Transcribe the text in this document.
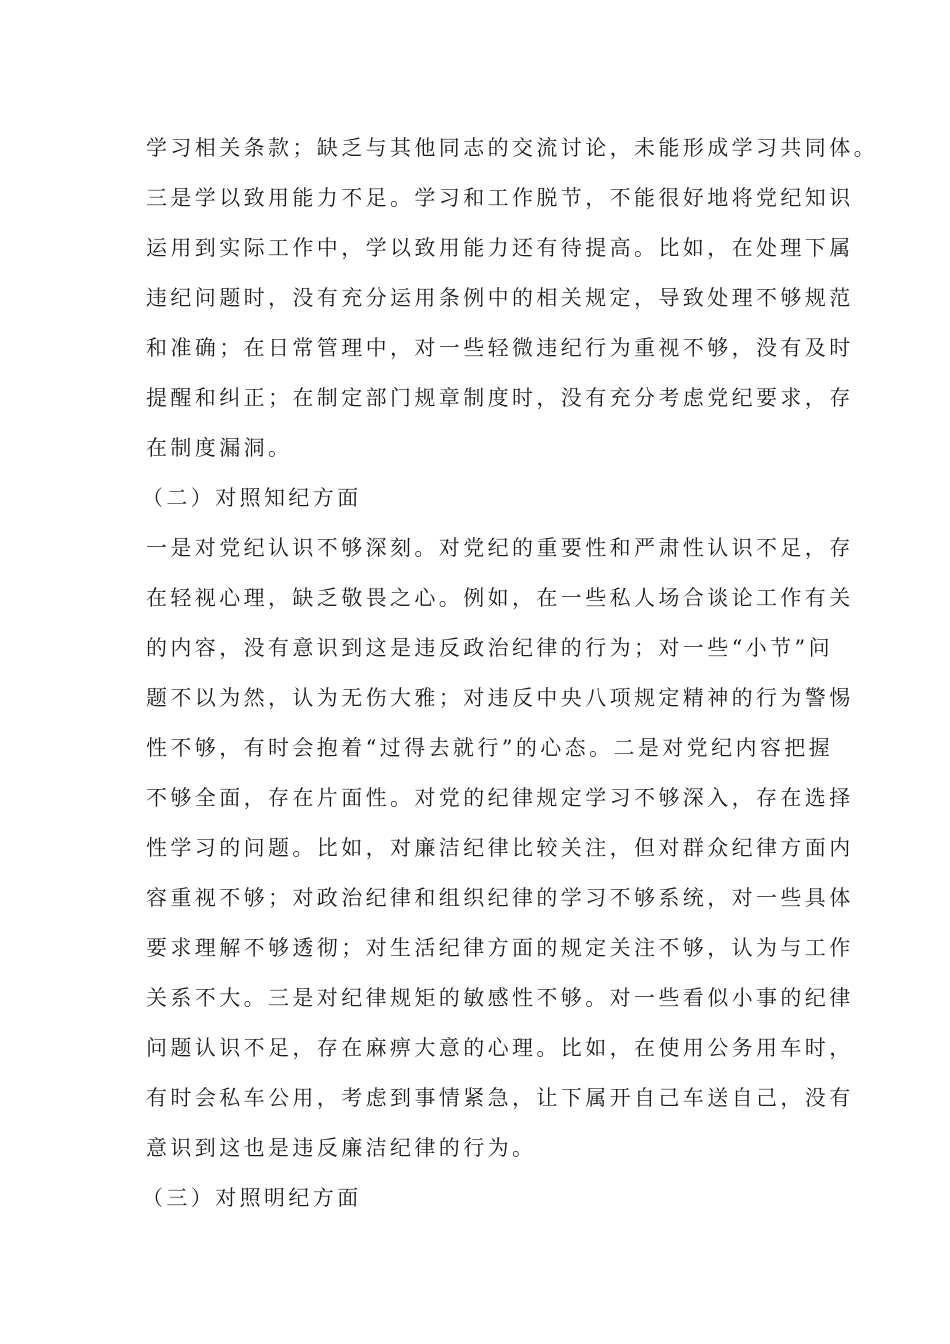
学习相关条款；缺乏与其他同志的交流讨论，未能形成学习共同体。
三是学以致用能力不足。学习和工作脱节，不能很好地将党纪知识
运用到实际工作中，学以致用能力还有待提高。比如，在处理下属
违纪问题时，没有充分运用条例中的相关规定，导致处理不够规范
和准确；在日常管理中，对一些轻微违纪行为重视不够，没有及时
提醒和纠正；在制定部门规章制度时，没有充分考虑党纪要求，存
在制度漏洞。
（二）对照知纪方面
一是对党纪认识不够深刻。对党纪的重要性和严肃性认识不足，存
在轻视心理，缺乏敬畏之心。例如，在一些私人场合谈论工作有关
的内容，没有意识到这是违反政治纪律的行为；对一些“小节”问
题不以为然，认为无伤大雅；对违反中央八项规定精神的行为警惕
性不够，有时会抱着“过得去就行”的心态。二是对党纪内容把握
不够全面，存在片面性。对党的纪律规定学习不够深入，存在选择
性学习的问题。比如，对廉洁纪律比较关注，但对群众纪律方面内
容重视不够；对政治纪律和组织纪律的学习不够系统，对一些具体
要求理解不够透彻；对生活纪律方面的规定关注不够，认为与工作
关系不大。三是对纪律规矩的敏感性不够。对一些看似小事的纪律
问题认识不足，存在麻痹大意的心理。比如，在使用公务用车时，
有时会私车公用，考虑到事情紧急，让下属开自己车送自己，没有
意识到这也是违反廉洁纪律的行为。
（三）对照明纪方面
